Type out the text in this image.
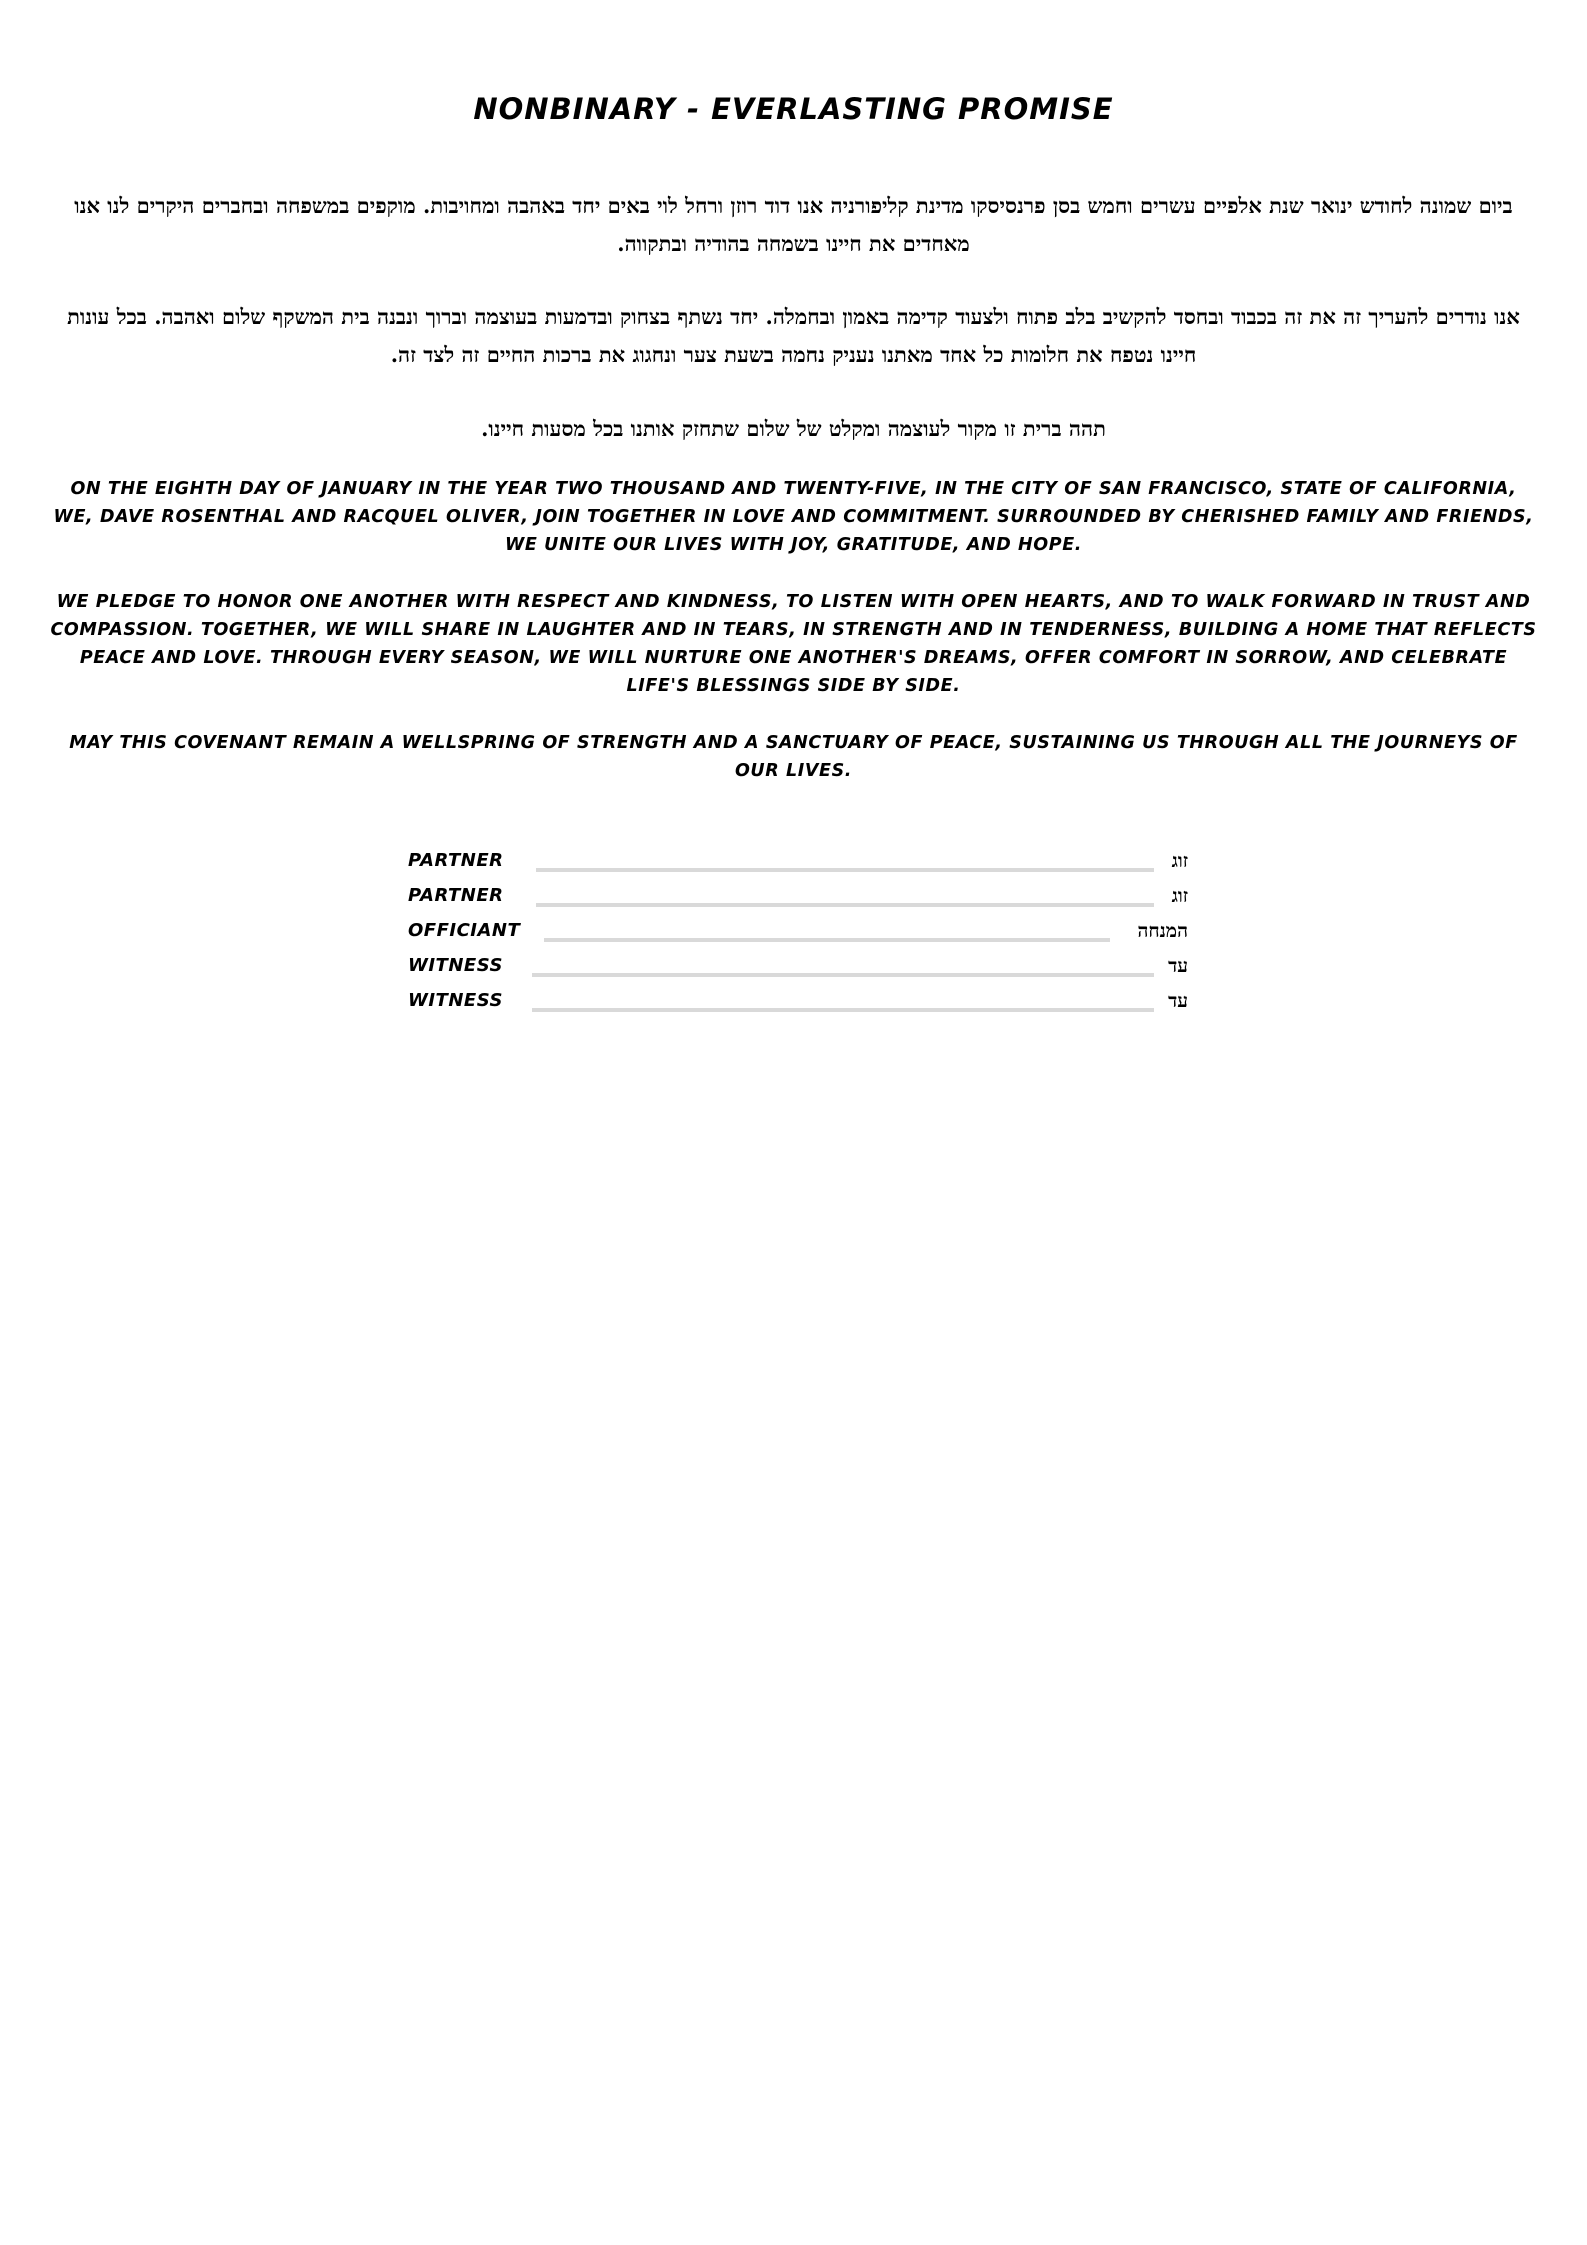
NONBINARY - EVERLASTING PROMISE
ביום שמונה לחודש ינואר שנת אלפיים עשרים וחמש בסן פרנסיסקו מדינת קליפורניה אנו דוד רוזן ורחל לוי באים יחד באהבה ומחויבות. מוקפים במשפחה ובחברים היקרים לנו אנו מאחדים את חיינו בשמחה בהודיה ובתקווה.
אנו נודרים להעריך זה את זה בכבוד ובחסד להקשיב בלב פתוח ולצעוד קדימה באמון ובחמלה. יחד נשתף בצחוק ובדמעות בעוצמה וברוך ונבנה בית המשקף שלום ואהבה. בכל עונות חיינו נטפח את חלומות כל אחד מאתנו נעניק נחמה בשעת צער ונחגוג את ברכות החיים זה לצד זה.
תהה ברית זו מקור לעוצמה ומקלט של שלום שתחזק אותנו בכל מסעות חיינו.
ON THE EIGHTH DAY OF JANUARY IN THE YEAR TWO THOUSAND AND TWENTY-FIVE, IN THE CITY OF SAN FRANCISCO, STATE OF CALIFORNIA, WE, DAVE ROSENTHAL AND RACQUEL OLIVER, JOIN TOGETHER IN LOVE AND COMMITMENT. SURROUNDED BY CHERISHED FAMILY AND FRIENDS, WE UNITE OUR LIVES WITH JOY, GRATITUDE, AND HOPE.
WE PLEDGE TO HONOR ONE ANOTHER WITH RESPECT AND KINDNESS, TO LISTEN WITH OPEN HEARTS, AND TO WALK FORWARD IN TRUST AND COMPASSION. TOGETHER, WE WILL SHARE IN LAUGHTER AND IN TEARS, IN STRENGTH AND IN TENDERNESS, BUILDING A HOME THAT REFLECTS PEACE AND LOVE. THROUGH EVERY SEASON, WE WILL NURTURE ONE ANOTHER'S DREAMS, OFFER COMFORT IN SORROW, AND CELEBRATE LIFE'S BLESSINGS SIDE BY SIDE.
MAY THIS COVENANT REMAIN A WELLSPRING OF STRENGTH AND A SANCTUARY OF PEACE, SUSTAINING US THROUGH ALL THE JOURNEYS OF OUR LIVES.
PARTNER	זוג
PARTNER	זוג
OFFICIANT	המנחה
WITNESS	עד
WITNESS	עד
